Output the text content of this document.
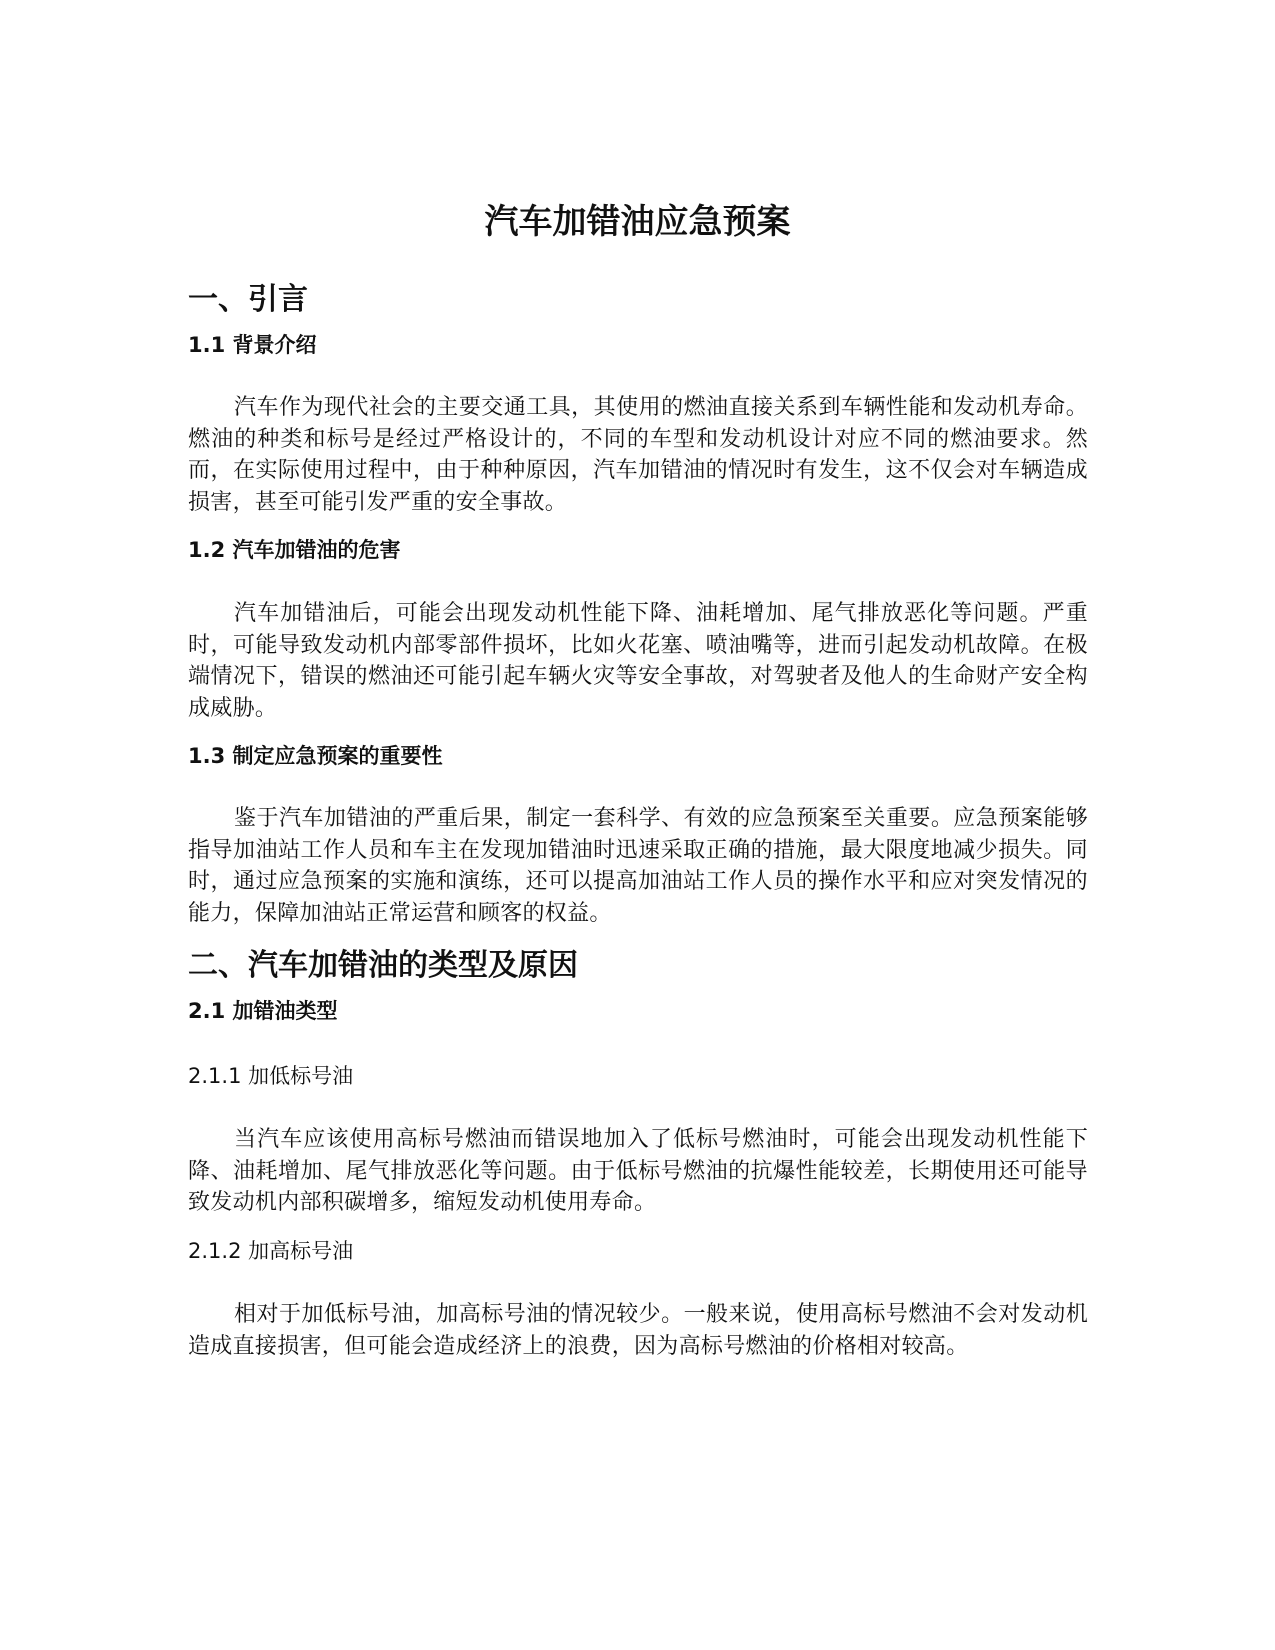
汽车加错油应急预案
一、引言
1.1 背景介绍

汽车作为现代社会的主要交通工具，其使用的燃油直接关系到车辆性能和发动机寿命。燃油的种类和标号是经过严格设计的，不同的车型和发动机设计对应不同的燃油要求。然而，在实际使用过程中，由于种种原因，汽车加错油的情况时有发生，这不仅会对车辆造成损害，甚至可能引发严重的安全事故。

1.2 汽车加错油的危害

汽车加错油后，可能会出现发动机性能下降、油耗增加、尾气排放恶化等问题。严重时，可能导致发动机内部零部件损坏，比如火花塞、喷油嘴等，进而引起发动机故障。在极端情况下，错误的燃油还可能引起车辆火灾等安全事故，对驾驶者及他人的生命财产安全构成威胁。

1.3 制定应急预案的重要性

鉴于汽车加错油的严重后果，制定一套科学、有效的应急预案至关重要。应急预案能够指导加油站工作人员和车主在发现加错油时迅速采取正确的措施，最大限度地减少损失。同时，通过应急预案的实施和演练，还可以提高加油站工作人员的操作水平和应对突发情况的能力，保障加油站正常运营和顾客的权益。

二、汽车加错油的类型及原因
2.1 加错油类型
2.1.1 加低标号油

当汽车应该使用高标号燃油而错误地加入了低标号燃油时，可能会出现发动机性能下降、油耗增加、尾气排放恶化等问题。由于低标号燃油的抗爆性能较差，长期使用还可能导致发动机内部积碳增多，缩短发动机使用寿命。

2.1.2 加高标号油

相对于加低标号油，加高标号油的情况较少。一般来说，使用高标号燃油不会对发动机造成直接损害，但可能会造成经济上的浪费，因为高标号燃油的价格相对较高。
